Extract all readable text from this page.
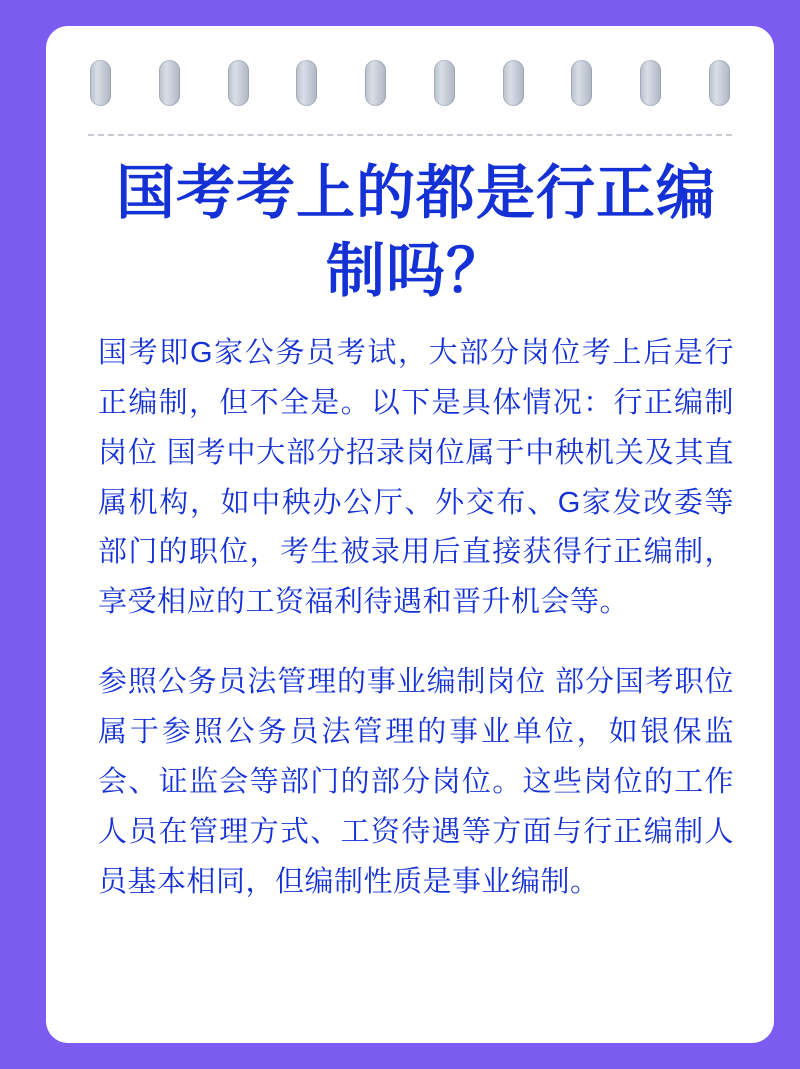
国考考上的都是行正编制吗？

国考即G家公务员考试，大部分岗位考上后是行正编制，但不全是。以下是具体情况：行正编制岗位 国考中大部分招录岗位属于中秧机关及其直属机构，如中秧办公厅、外交布、G家发改委等部门的职位，考生被录用后直接获得行正编制，享受相应的工资福利待遇和晋升机会等。

参照公务员法管理的事业编制岗位 部分国考职位属于参照公务员法管理的事业单位，如银保监会、证监会等部门的部分岗位。这些岗位的工作人员在管理方式、工资待遇等方面与行正编制人员基本相同，但编制性质是事业编制。
